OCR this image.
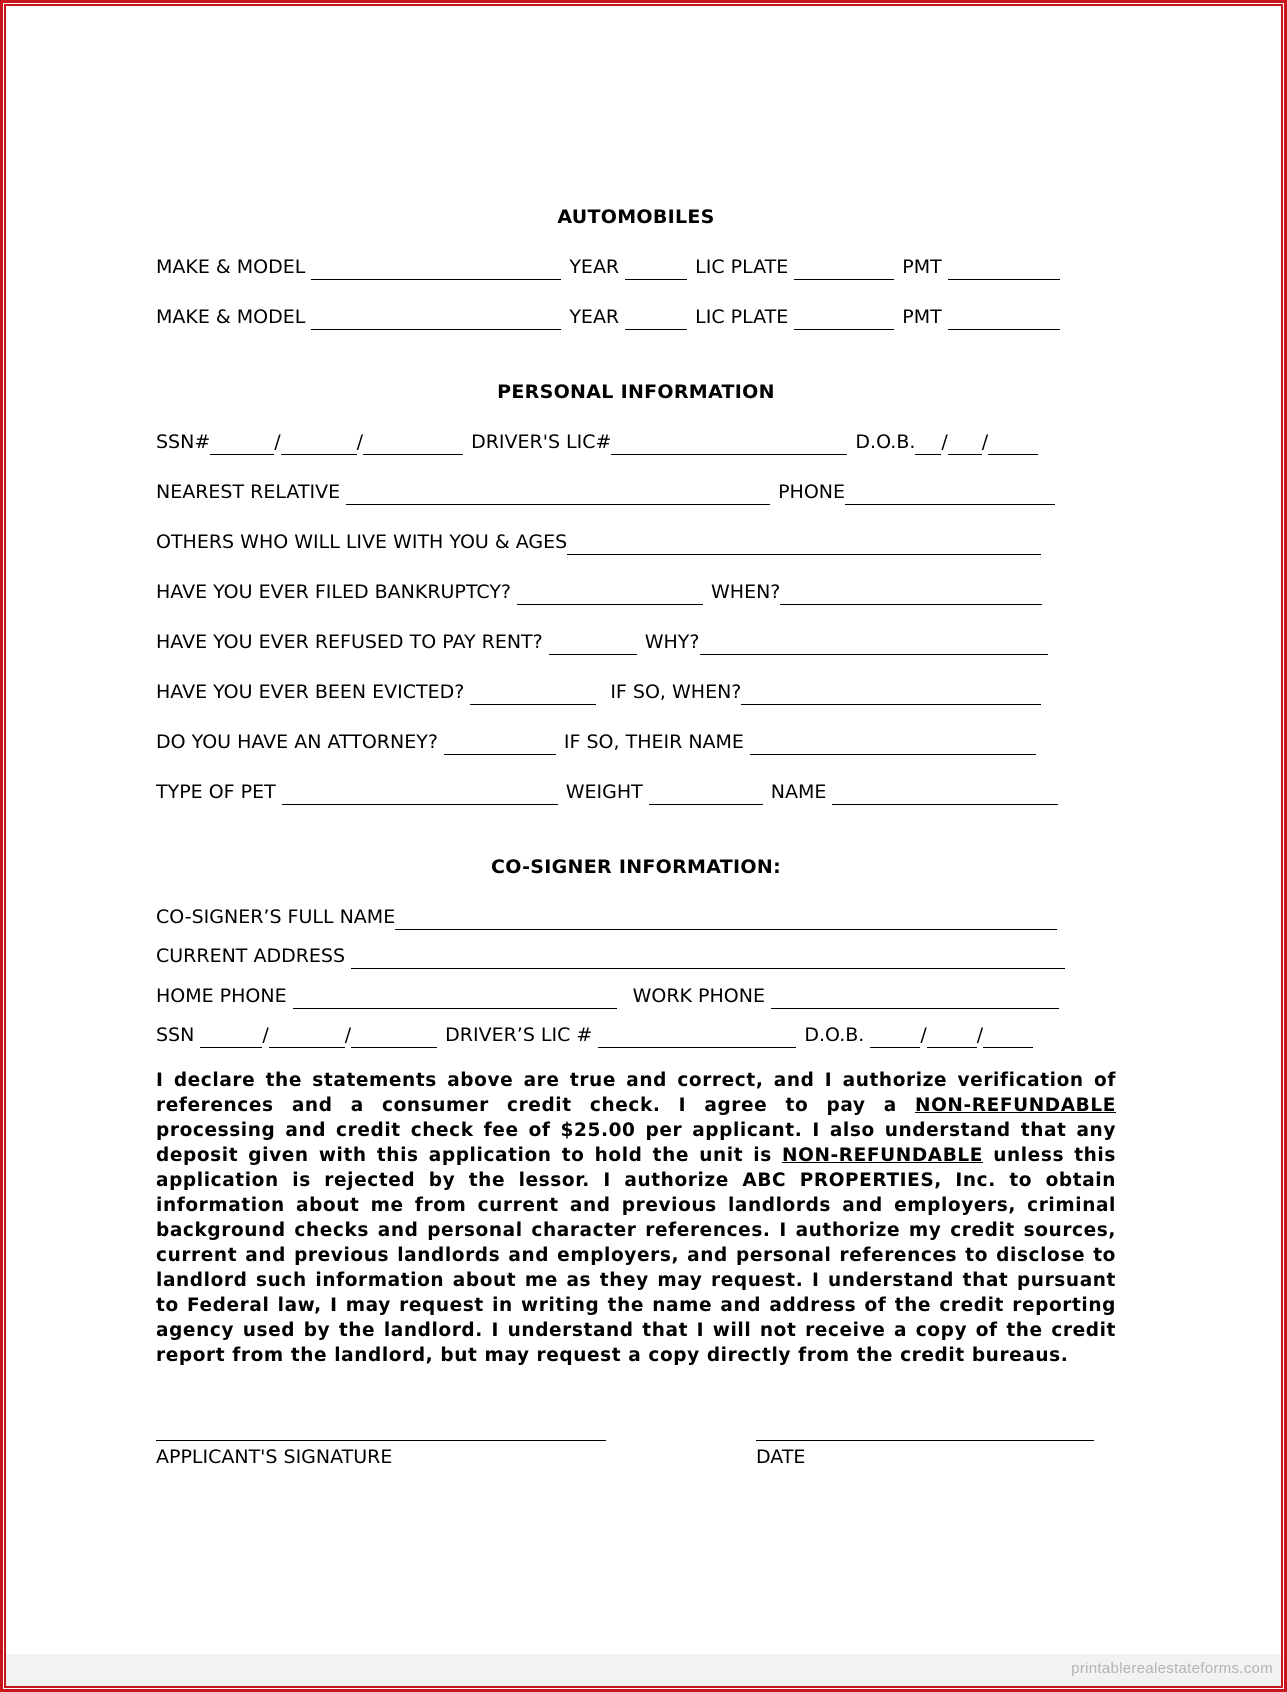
AUTOMOBILES
MAKE & MODEL	YEAR	LIC PLATE	PMT
MAKE & MODEL	YEAR	LIC PLATE	PMT
PERSONAL INFORMATION
SSN#	/	/	DRIVER'S LIC#	D.O.B. / /
NEAREST RELATIVE	PHONE
OTHERS WHO WILL LIVE WITH YOU & AGES
HAVE YOU EVER FILED BANKRUPTCY?	WHEN?
HAVE YOU EVER REFUSED TO PAY RENT?	WHY?
HAVE YOU EVER BEEN EVICTED?	IF SO, WHEN?
DO YOU HAVE AN ATTORNEY?	IF SO, THEIR NAME
TYPE OF PET	WEIGHT	NAME
CO-SIGNER INFORMATION:
CO-SIGNER’S FULL NAME
CURRENT ADDRESS
HOME PHONE	WORK PHONE
SSN	/	/	DRIVER’S LIC #	D.O.B.	/	/
I declare the statements above are true and correct, and I authorize verification of references and a consumer credit check. I agree to pay a NON-REFUNDABLE processing and credit check fee of $25.00 per applicant. I also understand that any deposit given with this application to hold the unit is NON-REFUNDABLE unless this application is rejected by the lessor. I authorize ABC PROPERTIES, Inc. to obtain information about me from current and previous landlords and employers, criminal background checks and personal character references. I authorize my credit sources, current and previous landlords and employers, and personal references to disclose to landlord such information about me as they may request. I understand that pursuant to Federal law, I may request in writing the name and address of the credit reporting agency used by the landlord. I understand that I will not receive a copy of the credit report from the landlord, but may request a copy directly from the credit bureaus.
APPLICANT'S SIGNATURE	DATE
printablerealestateforms.com
